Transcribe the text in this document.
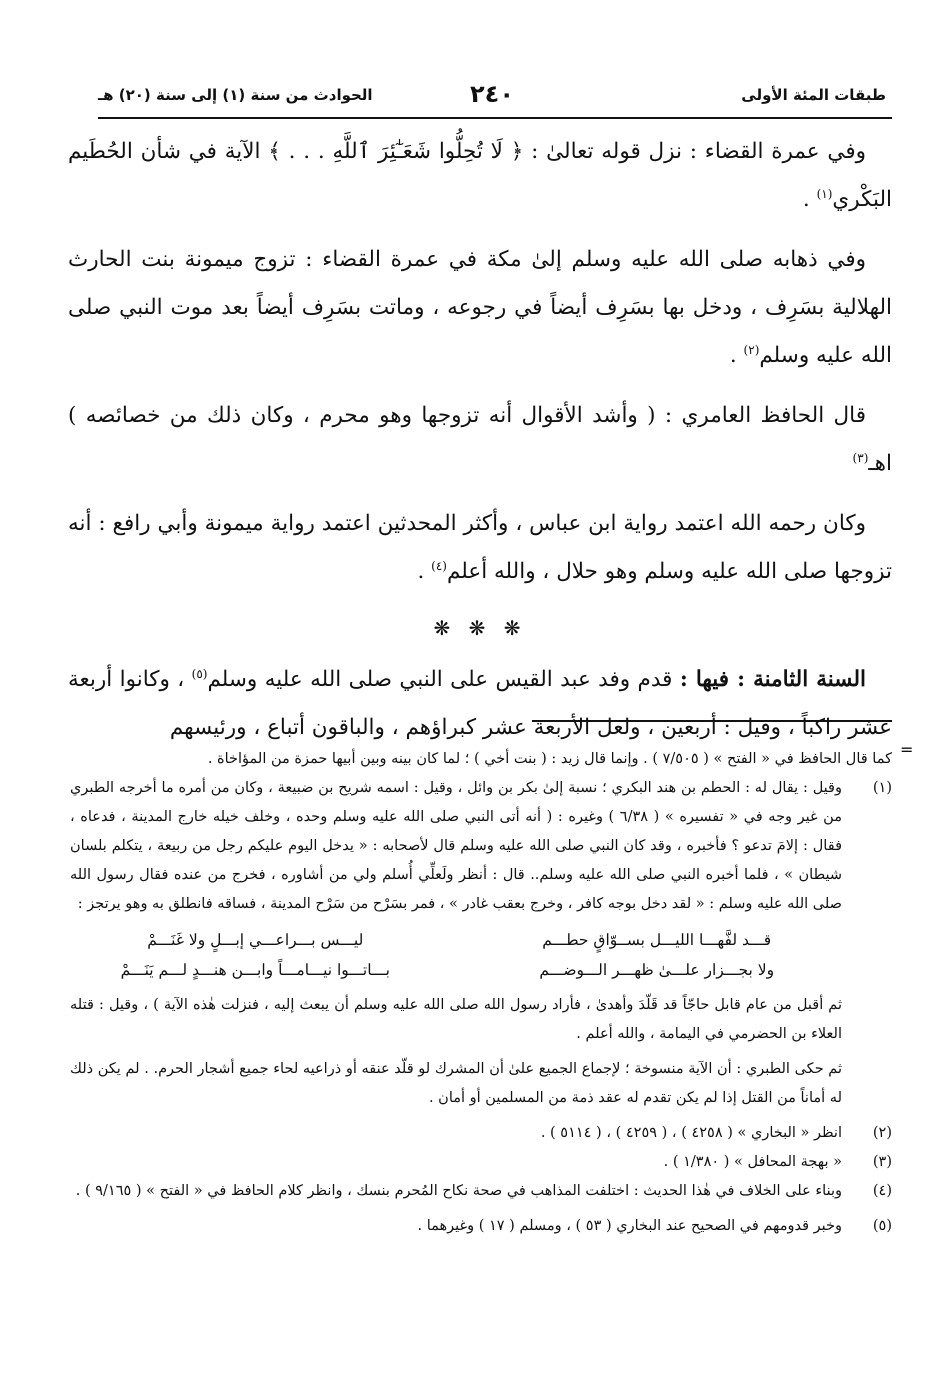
طبقات المئة الأولى
٢٤٠
الحوادث من سنة (١) إلى سنة (٢٠) هـ

وفي عمرة القضاء : نزل قوله تعالىٰ : ﴿ لَا تُحِلُّوا شَعَـٰٓئِرَ ٱللَّهِ . . . ﴾ الآية في شأن الحُطَيم البَكْري$^{(١)}$ .

وفي ذهابه صلى الله عليه وسلم إلىٰ مكة في عمرة القضاء : تزوج ميمونة بنت الحارث الهلالية بسَرِف ، ودخل بها بسَرِف أيضاً في رجوعه ، وماتت بسَرِف أيضاً بعد موت النبي صلى الله عليه وسلم$^{(٢)}$ .

قال الحافظ العامري : ( وأشد الأقوال أنه تزوجها وهو محرم ، وكان ذلك من خصائصه ) اهـ$^{(٣)}$

وكان رحمه الله اعتمد رواية ابن عباس ، وأكثر المحدثين اعتمد رواية ميمونة وأبي رافع : أنه تزوجها صلى الله عليه وسلم وهو حلال ، والله أعلم$^{(٤)}$ .

❋ ❋ ❋

السنة الثامنة : فيها : قدم وفد عبد القيس على النبي صلى الله عليه وسلم$^{(٥)}$ ، وكانوا أربعة عشر راكباً ، وقيل : أربعين ، ولعل الأربعة عشر كبراؤهم ، والباقون أتباع ، ورئيسهم

=

كما قال الحافظ في « الفتح » ( ٧/٥٠٥ ) . وإنما قال زيد : ( بنت أخي ) ؛ لما كان بينه وبين أبيها حمزة من المؤاخاة .

(١)

وقيل : يقال له : الحطم بن هند البكري ؛ نسبة إلىٰ بكر بن وائل ، وقيل : اسمه شريح بن ضبيعة ، وكان من أمره ما أخرجه الطبري من غير وجه في « تفسيره » ( ٦/٣٨ ) وغيره : ( أنه أتى النبي صلى الله عليه وسلم وحده ، وخلف خيله خارج المدينة ، فدعاه ، فقال : إلامَ تدعو ؟ فأخبره ، وقد كان النبي صلى الله عليه وسلم قال لأصحابه : « يدخل اليوم عليكم رجل من ربيعة ، يتكلم بلسان شيطان » ، فلما أخبره النبي صلى الله عليه وسلم.. قال : أنظر ولَعلِّي أُسلم ولي من أشاوره ، فخرج من عنده فقال رسول الله صلى الله عليه وسلم : « لقد دخل بوجه كافر ، وخرج بعقب غادر » ، فمر بسَرْح من سَرْح المدينة ، فساقه فانطلق به وهو يرتجز :

قـــد لفَّهـــا الليـــل بســوّاقٍ حطـــم
ليـــس بـــراعـــي إبـــلٍ ولا غَنَـــمْ
ولا بجـــزار علـــىٰ ظهـــر الـــوضـــم
بـــاتـــوا نيـــامـــاً وابـــن هنـــدٍ لـــم يَنَـــمْ

ثم أقبل من عام قابل حاجّاً قد قَلّدَ وأهدىٰ ، فأراد رسول الله صلى الله عليه وسلم أن يبعث إليه ، فنزلت هٰذه الآية ) ، وقيل : قتله العلاء بن الحضرمي في اليمامة ، والله أعلم .

ثم حكى الطبري : أن الآية منسوخة ؛ لإجماع الجميع علىٰ أن المشرك لو قلّد عنقه أو ذراعيه لحاء جميع أشجار الحرم. . لم يكن ذلك له أماناً من القتل إذا لم يكن تقدم له عقد ذمة من المسلمين أو أمان .

(٢)

انظر « البخاري » ( ٤٢٥٨ ) ، ( ٤٢٥٩ ) ، ( ٥١١٤ ) .

(٣)

« بهجة المحافل » ( ١/٣٨٠ ) .

(٤)

وبناء على الخلاف في هٰذا الحديث : اختلفت المذاهب في صحة نكاح المُحرم بنسك ، وانظر كلام الحافظ في « الفتح » ( ٩/١٦٥ ) .

(٥)

وخبر قدومهم في الصحيح عند البخاري ( ٥٣ ) ، ومسلم ( ١٧ ) وغيرهما .
